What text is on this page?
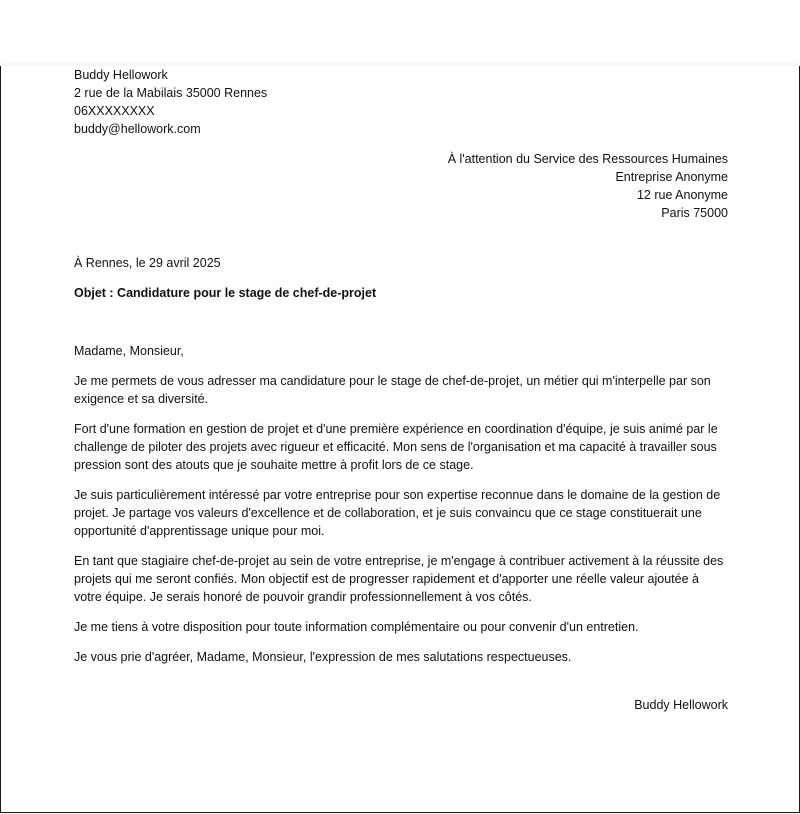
Buddy Hellowork
2 rue de la Mabilais 35000 Rennes
06XXXXXXXX
buddy@hellowork.com
À l'attention du Service des Ressources Humaines
Entreprise Anonyme
12 rue Anonyme
Paris 75000
À Rennes, le 29 avril 2025
Objet : Candidature pour le stage de chef-de-projet
Madame, Monsieur,

Je me permets de vous adresser ma candidature pour le stage de chef-de-projet, un métier qui m'interpelle par son exigence et sa diversité.

Fort d'une formation en gestion de projet et d'une première expérience en coordination d'équipe, je suis animé par le challenge de piloter des projets avec rigueur et efficacité. Mon sens de l'organisation et ma capacité à travailler sous pression sont des atouts que je souhaite mettre à profit lors de ce stage.

Je suis particulièrement intéressé par votre entreprise pour son expertise reconnue dans le domaine de la gestion de projet. Je partage vos valeurs d'excellence et de collaboration, et je suis convaincu que ce stage constituerait une opportunité d'apprentissage unique pour moi.

En tant que stagiaire chef-de-projet au sein de votre entreprise, je m'engage à contribuer activement à la réussite des projets qui me seront confiés. Mon objectif est de progresser rapidement et d'apporter une réelle valeur ajoutée à votre équipe. Je serais honoré de pouvoir grandir professionnellement à vos côtés.

Je me tiens à votre disposition pour toute information complémentaire ou pour convenir d'un entretien.

Je vous prie d'agréer, Madame, Monsieur, l'expression de mes salutations respectueuses.

Buddy Hellowork
